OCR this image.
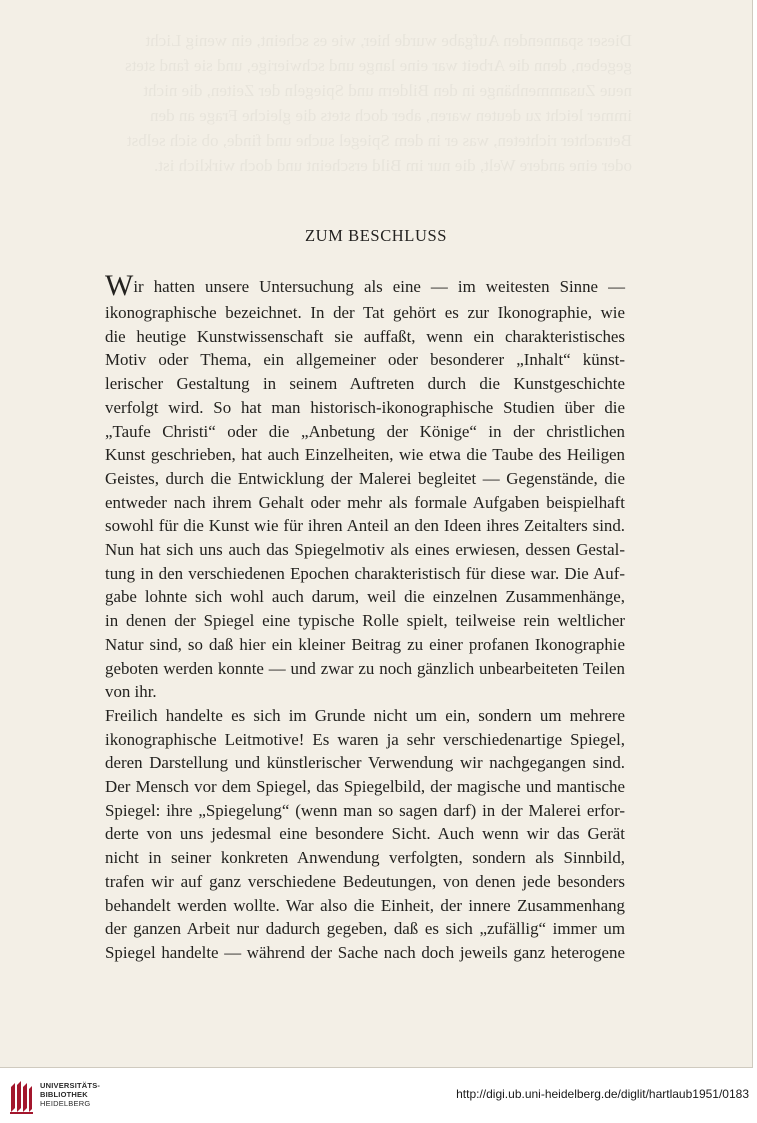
Dieser spannenden Aufgabe wurde hier, wie es scheint, ein wenig Licht gegeben, denn die Arbeit war eine lange und schwierige, und sie fand stets neue Zusammenhänge in den Bildern und Spiegeln der Zeiten, die nicht immer leicht zu deuten waren, aber doch stets die gleiche Frage an den Betrachter richteten, was er in dem Spiegel suche und finde, ob sich selbst oder eine andere Welt, die nur im Bild erscheint und doch wirklich ist.
ZUM BESCHLUSS
Wir hatten unsere Untersuchung als eine — im weitesten Sinne —
ikonographische bezeichnet. In der Tat gehört es zur Ikonographie, wie
die heutige Kunstwissenschaft sie auffaßt, wenn ein charakteristisches
Motiv oder Thema, ein allgemeiner oder besonderer „Inhalt“ künst-
lerischer Gestaltung in seinem Auftreten durch die Kunstgeschichte
verfolgt wird. So hat man historisch-ikonographische Studien über die
„Taufe Christi“ oder die „Anbetung der Könige“ in der christlichen
Kunst geschrieben, hat auch Einzelheiten, wie etwa die Taube des Heiligen
Geistes, durch die Entwicklung der Malerei begleitet — Gegenstände, die
entweder nach ihrem Gehalt oder mehr als formale Aufgaben beispielhaft
sowohl für die Kunst wie für ihren Anteil an den Ideen ihres Zeitalters sind.
Nun hat sich uns auch das Spiegelmotiv als eines erwiesen, dessen Gestal-
tung in den verschiedenen Epochen charakteristisch für diese war. Die Auf-
gabe lohnte sich wohl auch darum, weil die einzelnen Zusammenhänge,
in denen der Spiegel eine typische Rolle spielt, teilweise rein weltlicher
Natur sind, so daß hier ein kleiner Beitrag zu einer profanen Ikonographie
geboten werden konnte — und zwar zu noch gänzlich unbearbeiteten Teilen
von ihr.
Freilich handelte es sich im Grunde nicht um ein, sondern um mehrere
ikonographische Leitmotive! Es waren ja sehr verschiedenartige Spiegel,
deren Darstellung und künstlerischer Verwendung wir nachgegangen sind.
Der Mensch vor dem Spiegel, das Spiegelbild, der magische und mantische
Spiegel: ihre „Spiegelung“ (wenn man so sagen darf) in der Malerei erfor-
derte von uns jedesmal eine besondere Sicht. Auch wenn wir das Gerät
nicht in seiner konkreten Anwendung verfolgten, sondern als Sinnbild,
trafen wir auf ganz verschiedene Bedeutungen, von denen jede besonders
behandelt werden wollte. War also die Einheit, der innere Zusammenhang
der ganzen Arbeit nur dadurch gegeben, daß es sich „zufällig“ immer um
Spiegel handelte — während der Sache nach doch jeweils ganz heterogene
UNIVERSITÄTS-
BIBLIOTHEK
HEIDELBERG
http://digi.ub.uni-heidelberg.de/diglit/hartlaub1951/0183
